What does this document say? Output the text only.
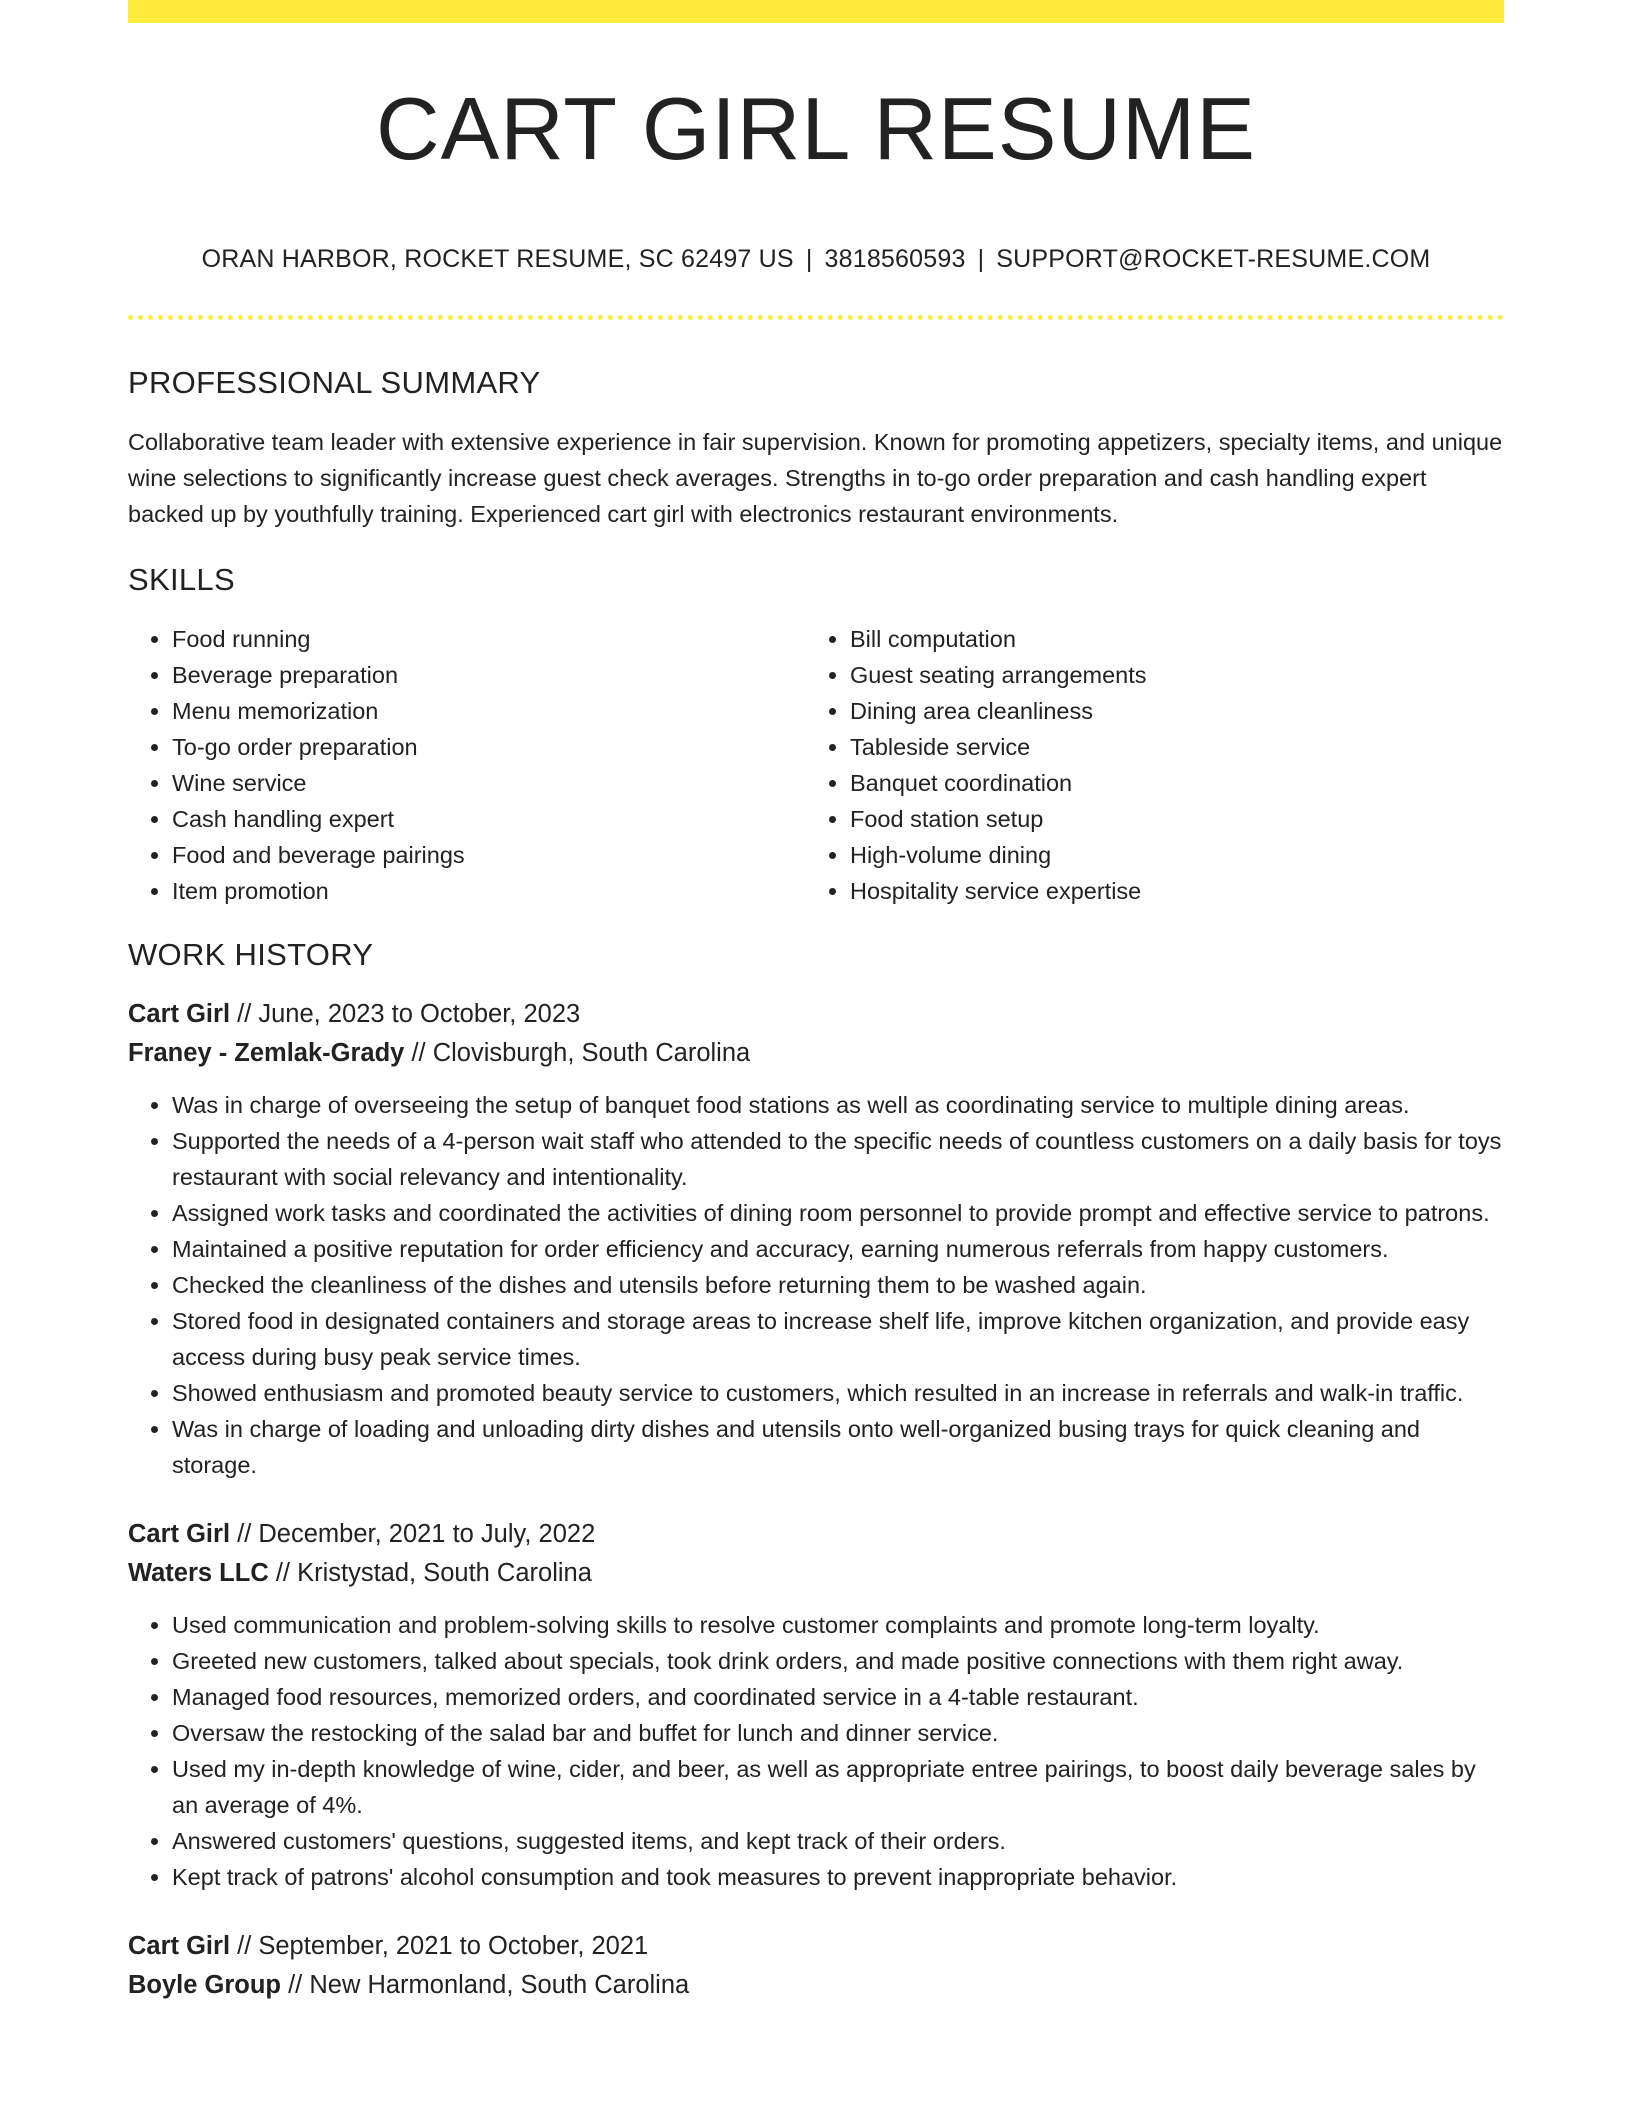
CART GIRL RESUME
ORAN HARBOR, ROCKET RESUME, SC 62497 US | 3818560593 | SUPPORT@ROCKET-RESUME.COM
PROFESSIONAL SUMMARY

Collaborative team leader with extensive experience in fair supervision. Known for promoting appetizers, specialty items, and unique wine selections to significantly increase guest check averages. Strengths in to-go order preparation and cash handling expert backed up by youthfully training. Experienced cart girl with electronics restaurant environments.

SKILLS
• Food running
• Beverage preparation
• Menu memorization
• To-go order preparation
• Wine service
• Cash handling expert
• Food and beverage pairings
• Item promotion
• Bill computation
• Guest seating arrangements
• Dining area cleanliness
• Tableside service
• Banquet coordination
• Food station setup
• High-volume dining
• Hospitality service expertise
WORK HISTORY
Cart Girl // June, 2023 to October, 2023
Franey - Zemlak-Grady // Clovisburgh, South Carolina
• Was in charge of overseeing the setup of banquet food stations as well as coordinating service to multiple dining areas.
• Supported the needs of a 4-person wait staff who attended to the specific needs of countless customers on a daily basis for toys restaurant with social relevancy and intentionality.
• Assigned work tasks and coordinated the activities of dining room personnel to provide prompt and effective service to patrons.
• Maintained a positive reputation for order efficiency and accuracy, earning numerous referrals from happy customers.
• Checked the cleanliness of the dishes and utensils before returning them to be washed again.
• Stored food in designated containers and storage areas to increase shelf life, improve kitchen organization, and provide easy access during busy peak service times.
• Showed enthusiasm and promoted beauty service to customers, which resulted in an increase in referrals and walk-in traffic.
• Was in charge of loading and unloading dirty dishes and utensils onto well-organized busing trays for quick cleaning and storage.
Cart Girl // December, 2021 to July, 2022
Waters LLC // Kristystad, South Carolina
• Used communication and problem-solving skills to resolve customer complaints and promote long-term loyalty.
• Greeted new customers, talked about specials, took drink orders, and made positive connections with them right away.
• Managed food resources, memorized orders, and coordinated service in a 4-table restaurant.
• Oversaw the restocking of the salad bar and buffet for lunch and dinner service.
• Used my in-depth knowledge of wine, cider, and beer, as well as appropriate entree pairings, to boost daily beverage sales by an average of 4%.
• Answered customers' questions, suggested items, and kept track of their orders.
• Kept track of patrons' alcohol consumption and took measures to prevent inappropriate behavior.
Cart Girl // September, 2021 to October, 2021
Boyle Group // New Harmonland, South Carolina
